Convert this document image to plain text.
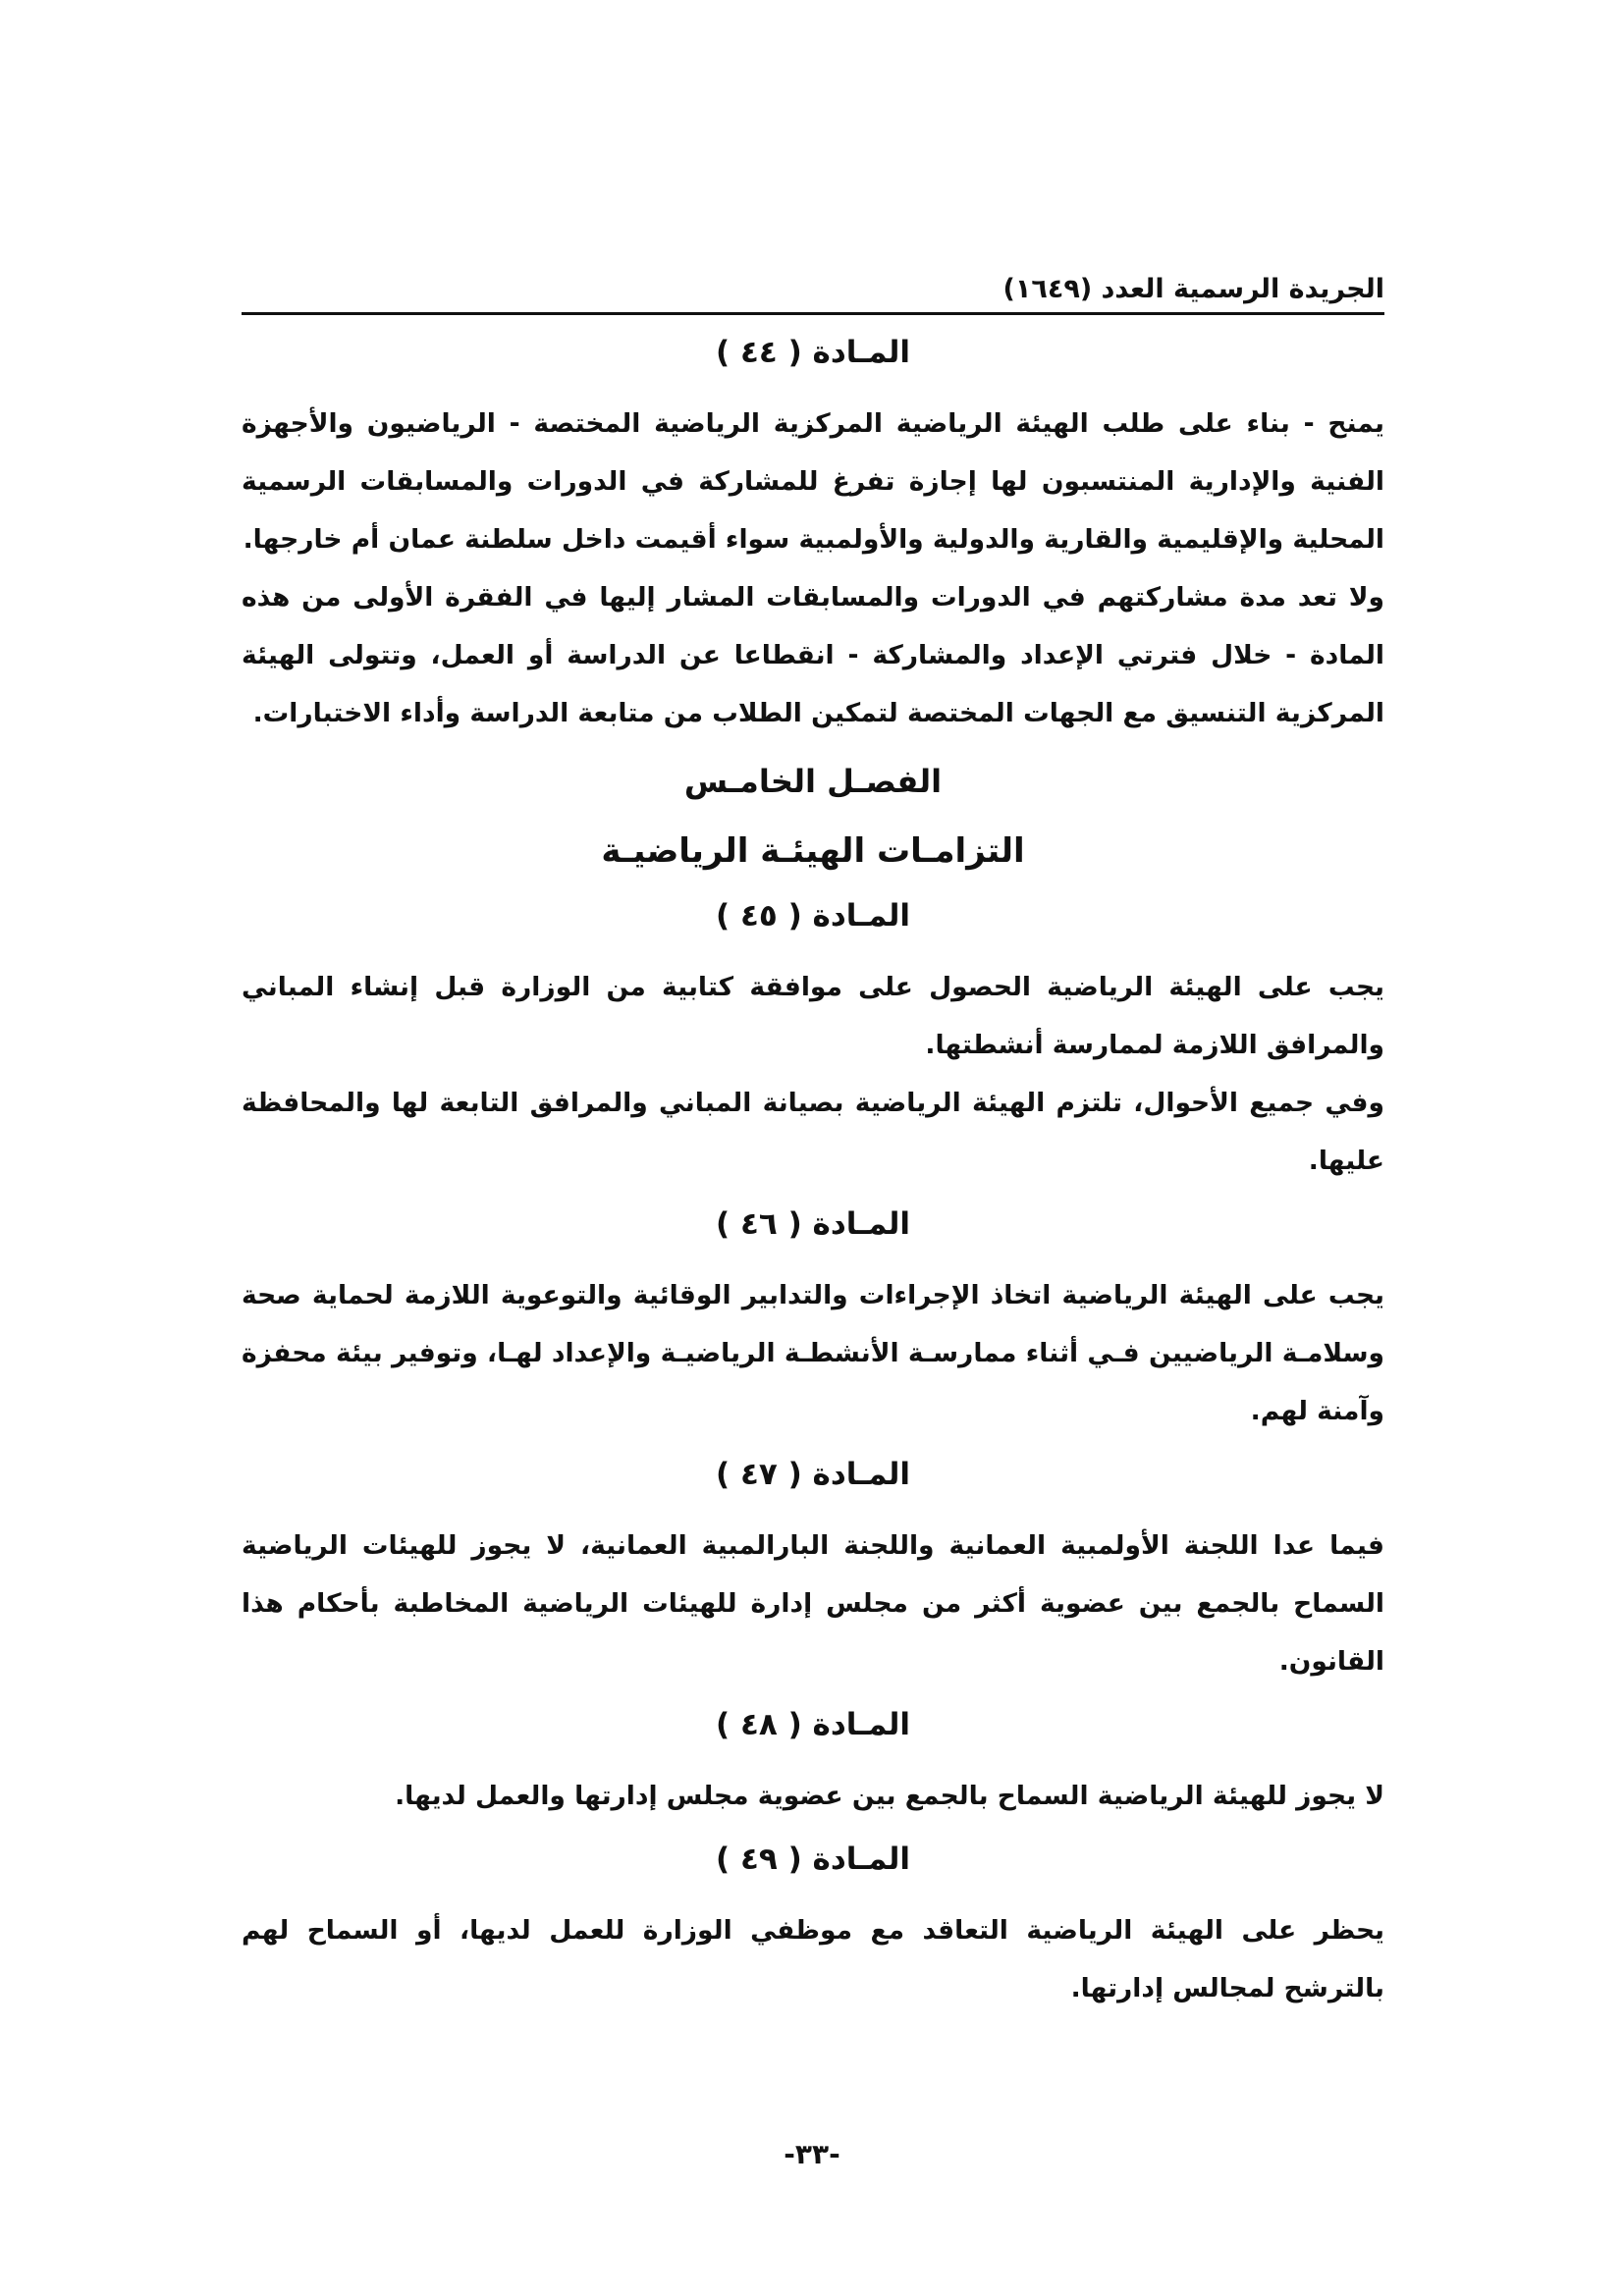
الجريدة الرسمية العدد (١٦٤٩)
المـادة ( ٤٤ )

يمنح - بناء على طلب الهيئة الرياضية المركزية الرياضية المختصة - الرياضيون والأجهزة الفنية والإدارية المنتسبون لها إجازة تفرغ للمشاركة في الدورات والمسابقات الرسمية المحلية والإقليمية والقارية والدولية والأولمبية سواء أقيمت داخل سلطنة عمان أم خارجها.

ولا تعد مدة مشاركتهم في الدورات والمسابقات المشار إليها في الفقرة الأولى من هذه المادة - خلال فترتي الإعداد والمشاركة - انقطاعا عن الدراسة أو العمل، وتتولى الهيئة المركزية التنسيق مع الجهات المختصة لتمكين الطلاب من متابعة الدراسة وأداء الاختبارات.

الفصـل الخامـس
التزامـات الهيئـة الرياضيـة
المـادة ( ٤٥ )

يجب على الهيئة الرياضية الحصول على موافقة كتابية من الوزارة قبل إنشاء المباني والمرافق اللازمة لممارسة أنشطتها.

وفي جميع الأحوال، تلتزم الهيئة الرياضية بصيانة المباني والمرافق التابعة لها والمحافظة عليها.

المـادة ( ٤٦ )

يجب على الهيئة الرياضية اتخاذ الإجراءات والتدابير الوقائية والتوعوية اللازمة لحماية صحة وسلامـة الرياضيين فـي أثناء ممارسـة الأنشطـة الرياضيـة والإعداد لهـا، وتوفير بيئة محفزة وآمنة لهم.

المـادة ( ٤٧ )

فيما عدا اللجنة الأولمبية العمانية واللجنة البارالمبية العمانية، لا يجوز للهيئات الرياضية السماح بالجمع بين عضوية أكثر من مجلس إدارة للهيئات الرياضية المخاطبة بأحكام هذا القانون.

المـادة ( ٤٨ )

لا يجوز للهيئة الرياضية السماح بالجمع بين عضوية مجلس إدارتها والعمل لديها.

المـادة ( ٤٩ )

يحظر على الهيئة الرياضية التعاقد مع موظفي الوزارة للعمل لديها، أو السماح لهم بالترشح لمجالس إدارتها.

-٣٣-
